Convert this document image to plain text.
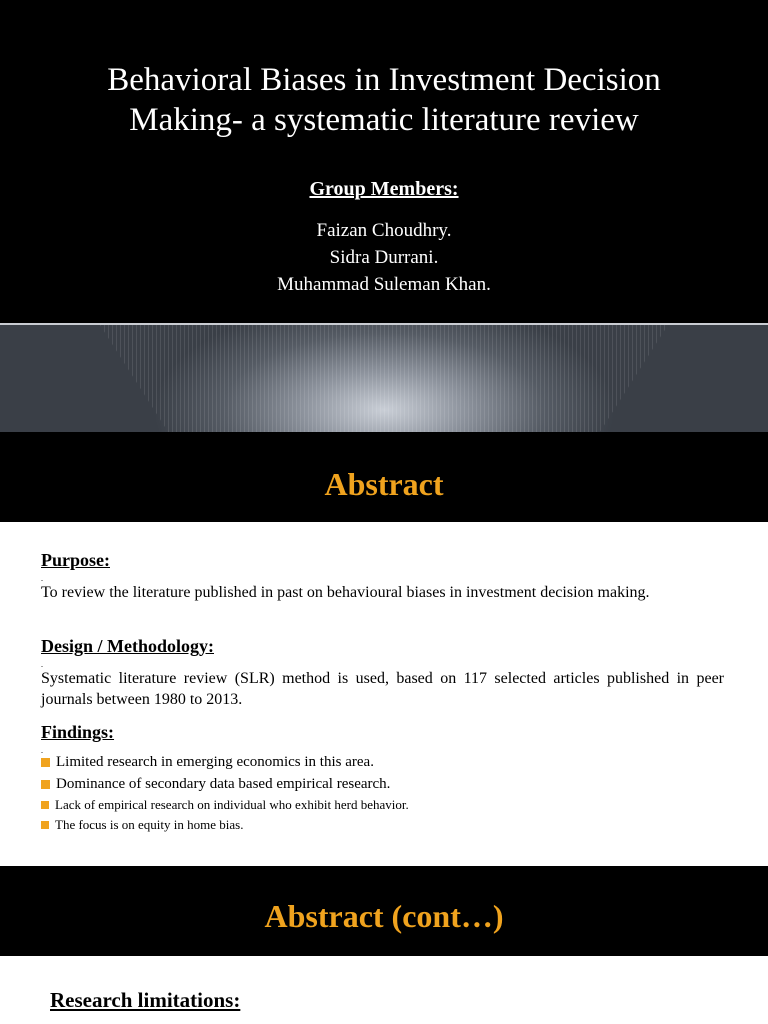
Behavioral Biases in Investment Decision
Making- a systematic literature review
Group Members:
Faizan Choudhry.
Sidra Durrani.
Muhammad Suleman Khan.
Abstract
Purpose:
.
To review the literature published in past on behavioural biases in investment decision making.
Design / Methodology:
.
Systematic literature review (SLR) method is used, based on 117 selected articles published in peer journals between 1980 to 2013.
Findings:
.
Limited research in emerging economics in this area.
Dominance of secondary data based empirical research.
Lack of empirical research on individual who exhibit herd behavior.
The focus is on equity in home bias.
Abstract (cont…)
Research limitations:
